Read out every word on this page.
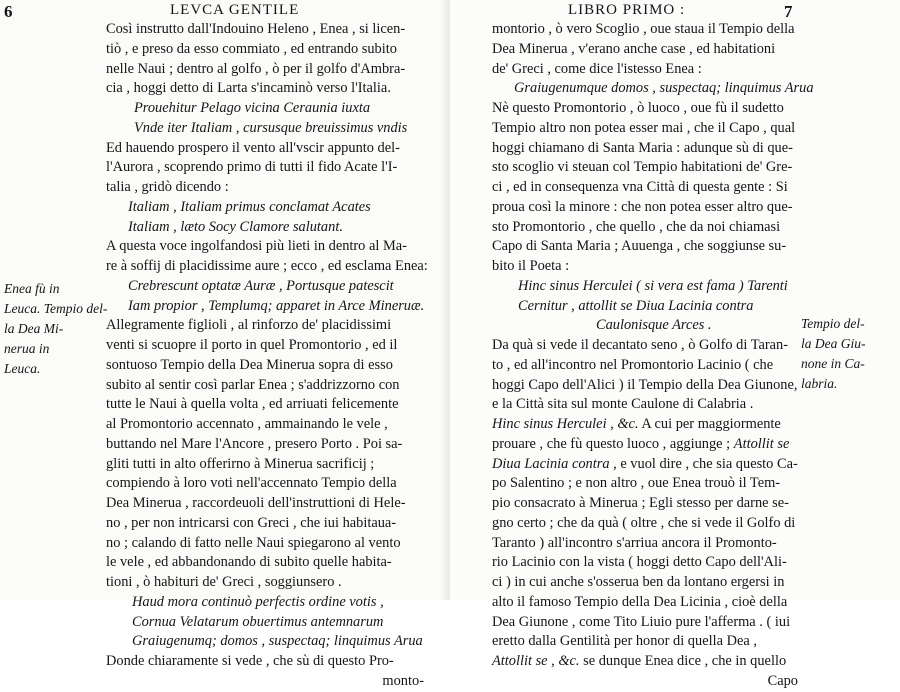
6	LEVCA GENTILE
Così instrutto dall'Indouino Heleno , Enea , si licen-
tiò , e preso da esso commiato , ed entrando subito
nelle Naui ; dentro al golfo , ò per il golfo d'Ambra-
cia , hoggi detto di Larta s'incaminò verso l'Italia.
Prouehitur Pelago vicina Ceraunia iuxta
Vnde iter Italiam , cursusque breuissimus vndis
Ed hauendo prospero il vento all'vscir appunto del-
l'Aurora , scoprendo primo di tutti il fido Acate l'I-
talia , gridò dicendo :
Italiam , Italiam primus conclamat Acates
Italiam , læto Socy Clamore salutant.
A questa voce ingolfandosi più lieti in dentro al Ma-
re à soffij di placidissime aure ; ecco , ed esclama Enea:
Crebrescunt optatæ Auræ , Portusque patescit
Iam propior , Templumq; apparet in Arce Mineruæ.
Allegramente figlioli , al rinforzo de' placidissimi
venti si scuopre il porto in quel Promontorio , ed il
sontuoso Tempio della Dea Minerua sopra di esso
subito al sentir così parlar Enea ; s'addrizzorno con
tutte le Naui à quella volta , ed arriuati felicemente
al Promontorio accennato , ammainando le vele ,
buttando nel Mare l'Ancore , presero Porto . Poi sa-
gliti tutti in alto offerirno à Minerua sacrificij ;
compiendo à loro voti nell'accennato Tempio della
Dea Minerua , raccordeuoli dell'instruttioni di Hele-
no , per non intricarsi con Greci , che iui habitaua-
no ; calando di fatto nelle Naui spiegarono al vento
le vele , ed abbandonando di subito quelle habita-
tioni , ò habituri de' Greci , soggiunsero .
Haud mora continuò perfectis ordine votis ,
Cornua Velatarum obuertimus antemnarum
Graiugenumq; domos , suspectaq; linquimus Arua
Donde chiaramente si vede , che sù di questo Pro-
monto-
Enea fù in
Leuca. Tempio del-
la Dea Mi-
nerua in
Leuca.
LIBRO PRIMO :	7
montorio , ò vero Scoglio , oue staua il Tempio della
Dea Minerua , v'erano anche case , ed habitationi
de' Greci , come dice l'istesso Enea :
Graiugenumque domos , suspectaq; linquimus Arua
Nè questo Promontorio , ò luoco , oue fù il sudetto
Tempio altro non potea esser mai , che il Capo , qual
hoggi chiamano di Santa Maria : adunque sù di que-
sto scoglio vi steuan col Tempio habitationi de' Gre-
ci , ed in consequenza vna Città di questa gente : Si
proua così la minore : che non potea esser altro que-
sto Promontorio , che quello , che da noi chiamasi
Capo di Santa Maria ; Auuenga , che soggiunse su-
bito il Poeta :
Hinc sinus Herculei ( si vera est fama ) Tarenti
Cernitur , attollit se Diua Lacinia contra
Caulonisque Arces .
Da quà si vede il decantato seno , ò Golfo di Taran-
to , ed all'incontro nel Promontorio Lacinio ( che
hoggi Capo dell'Alici ) il Tempio della Dea Giunone,
e la Città sita sul monte Caulone di Calabria .
Hinc sinus Herculei , &c. A cui per maggiormente
prouare , che fù questo luoco , aggiunge ; Attollit se
Diua Lacinia contra , e vuol dire , che sia questo Ca-
po Salentino ; e non altro , oue Enea trouò il Tem-
pio consacrato à Minerua ; Egli stesso per darne se-
gno certo ; che da quà ( oltre , che si vede il Golfo di
Taranto ) all'incontro s'arriua ancora il Promonto-
rio Lacinio con la vista ( hoggi detto Capo dell'Ali-
ci ) in cui anche s'osserua ben da lontano ergersi in
alto il famoso Tempio della Dea Licinia , cioè della
Dea Giunone , come Tito Liuio pure l'afferma . ( iui
eretto dalla Gentilità per honor di quella Dea ,
Attollit se , &c. se dunque Enea dice , che in quello
Capo
Tempio del-
la Dea Giu-
none in Ca-
labria.
